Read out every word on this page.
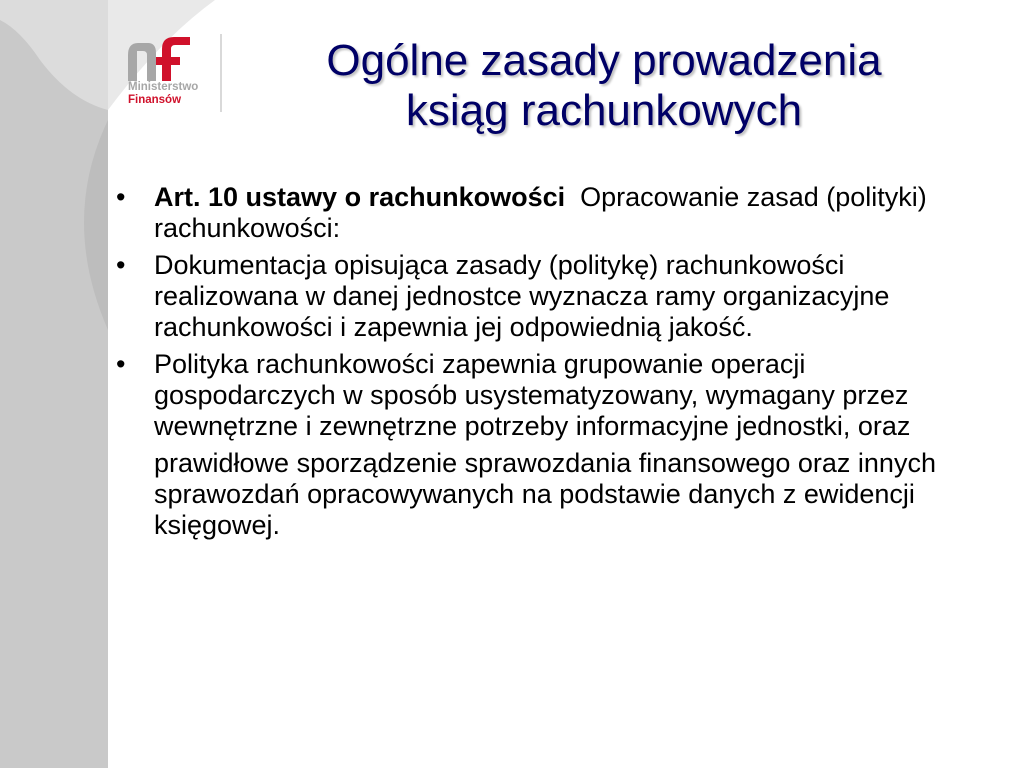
Ministerstwo
Finansów
Ogólne zasady prowadzenia
ksiąg rachunkowych
• Art. 10 ustawy o rachunkowości Opracowanie zasad (polityki) rachunkowości:
• Dokumentacja opisująca zasady (politykę) rachunkowości realizowana w danej jednostce wyznacza ramy organizacyjne rachunkowości i zapewnia jej odpowiednią jakość.
• Polityka rachunkowości zapewnia grupowanie operacji gospodarczych w sposób usystematyzowany, wymagany przez wewnętrzne i zewnętrzne potrzeby informacyjne jednostki, oraz
prawidłowe sporządzenie sprawozdania finansowego oraz innych sprawozdań opracowywanych na podstawie danych z ewidencji księgowej.
